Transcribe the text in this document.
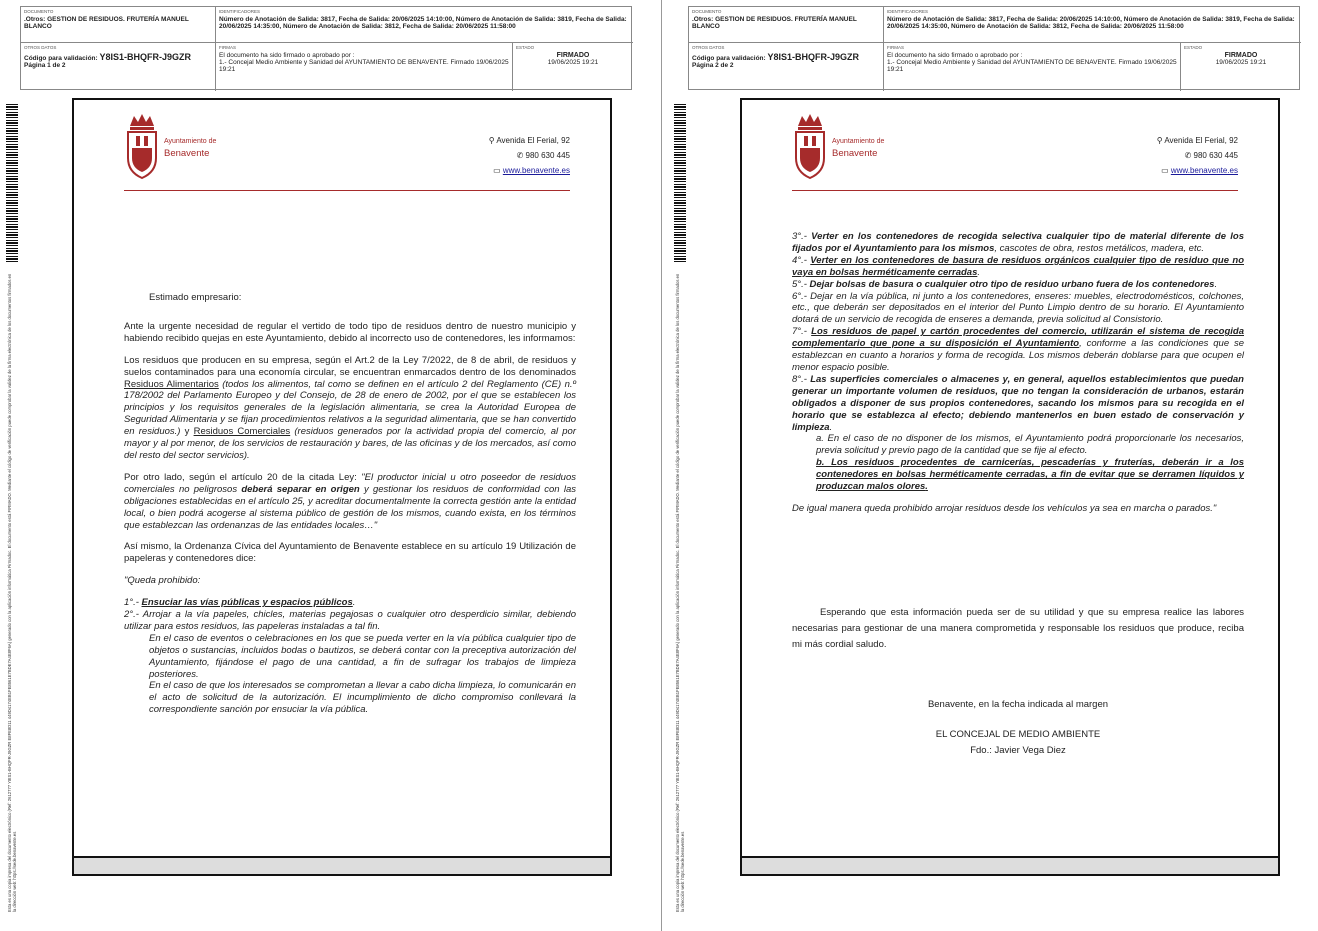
DOCUMENTO
.Otros: GESTION DE RESIDUOS. FRUTERÍA MANUEL BLANCO
IDENTIFICADORES
Número de Anotación de Salida: 3817, Fecha de Salida: 20/06/2025 14:10:00, Número de Anotación de Salida: 3819, Fecha de Salida: 20/06/2025 14:35:00, Número de Anotación de Salida: 3812, Fecha de Salida: 20/06/2025 11:58:00
OTROS DATOS
Código para validación: Y8IS1-BHQFR-J9GZR
Página 1 de 2
FIRMAS
El documento ha sido firmado o aprobado por :
1.- Concejal Medio Ambiente y Sanidad del AYUNTAMIENTO DE BENAVENTE. Firmado 19/06/2025 19:21
ESTADO
FIRMADO
19/06/2025 19:21
Esta es una copia impresa del documento electrónico (Ref: 2612777 Y8IS1-BHQFR-J9GZR E8FE8D11 449D4174EB1FE8561E7BDE7A4E8F6A) generado con la aplicación informática Firmadoc. El documento está FIRMADO. Mediante el código de verificación puede comprobar la validez de la firma electrónica de los documentos firmados en la dirección web: https://sede.benavente.es
Ayuntamiento de
Benavente
⚲ Avenida El Ferial, 92
✆ 980 630 445
▭ www.benavente.es

Estimado empresario:

Ante la urgente necesidad de regular el vertido de todo tipo de residuos dentro de nuestro municipio y habiendo recibido quejas en este Ayuntamiento, debido al incorrecto uso de contenedores, les informamos:

Los residuos que producen en su empresa, según el Art.2 de la Ley 7/2022, de 8 de abril, de residuos y suelos contaminados para una economía circular, se encuentran enmarcados dentro de los denominados Residuos Alimentarios (todos los alimentos, tal como se definen en el artículo 2 del Reglamento (CE) n.º 178/2002 del Parlamento Europeo y del Consejo, de 28 de enero de 2002, por el que se establecen los principios y los requisitos generales de la legislación alimentaria, se crea la Autoridad Europea de Seguridad Alimentaria y se fijan procedimientos relativos a la seguridad alimentaria, que se han convertido en residuos.) y Residuos Comerciales (residuos generados por la actividad propia del comercio, al por mayor y al por menor, de los servicios de restauración y bares, de las oficinas y de los mercados, así como del resto del sector servicios).

Por otro lado, según el artículo 20 de la citada Ley: "El productor inicial u otro poseedor de residuos comerciales no peligrosos deberá separar en origen y gestionar los residuos de conformidad con las obligaciones establecidas en el artículo 25, y acreditar documentalmente la correcta gestión ante la entidad local, o bien podrá acogerse al sistema público de gestión de los mismos, cuando exista, en los términos que establezcan las ordenanzas de las entidades locales…"

Así mismo, la Ordenanza Cívica del Ayuntamiento de Benavente establece en su artículo 19 Utilización de papeleras y contenedores dice:

"Queda prohibido:

1°.- Ensuciar las vías públicas y espacios públicos.
2°.- Arrojar a la vía papeles, chicles, materias pegajosas o cualquier otro desperdicio similar, debiendo utilizar para estos residuos, las papeleras instaladas a tal fin.
En el caso de eventos o celebraciones en los que se pueda verter en la vía pública cualquier tipo de objetos o sustancias, incluidos bodas o bautizos, se deberá contar con la preceptiva autorización del Ayuntamiento, fijándose el pago de una cantidad, a fin de sufragar los trabajos de limpieza posteriores.
En el caso de que los interesados se comprometan a llevar a cabo dicha limpieza, lo comunicarán en el acto de solicitud de la autorización. El incumplimiento de dicho compromiso conllevará la correspondiente sanción por ensuciar la vía pública.
DOCUMENTO
.Otros: GESTION DE RESIDUOS. FRUTERÍA MANUEL BLANCO
IDENTIFICADORES
Número de Anotación de Salida: 3817, Fecha de Salida: 20/06/2025 14:10:00, Número de Anotación de Salida: 3819, Fecha de Salida: 20/06/2025 14:35:00, Número de Anotación de Salida: 3812, Fecha de Salida: 20/06/2025 11:58:00
OTROS DATOS
Código para validación: Y8IS1-BHQFR-J9GZR
Página 2 de 2
FIRMAS
El documento ha sido firmado o aprobado por :
1.- Concejal Medio Ambiente y Sanidad del AYUNTAMIENTO DE BENAVENTE. Firmado 19/06/2025 19:21
ESTADO
FIRMADO
19/06/2025 19:21
Esta es una copia impresa del documento electrónico (Ref: 2612777 Y8IS1-BHQFR-J9GZR E8FE8D11 449D4174EB1FE8561E7BDE7A4E8F6A) generado con la aplicación informática Firmadoc. El documento está FIRMADO. Mediante el código de verificación puede comprobar la validez de la firma electrónica de los documentos firmados en la dirección web: https://sede.benavente.es
Ayuntamiento de
Benavente
⚲ Avenida El Ferial, 92
✆ 980 630 445
▭ www.benavente.es
3°.- Verter en los contenedores de recogida selectiva cualquier tipo de material diferente de los fijados por el Ayuntamiento para los mismos, cascotes de obra, restos metálicos, madera, etc.
4°.- Verter en los contenedores de basura de residuos orgánicos cualquier tipo de residuo que no vaya en bolsas herméticamente cerradas.
5°.- Dejar bolsas de basura o cualquier otro tipo de residuo urbano fuera de los contenedores.
6°.- Dejar en la vía pública, ni junto a los contenedores, enseres: muebles, electrodomésticos, colchones, etc., que deberán ser depositados en el interior del Punto Limpio dentro de su horario. El Ayuntamiento dotará de un servicio de recogida de enseres a demanda, previa solicitud al Consistorio.
7°.- Los residuos de papel y cartón procedentes del comercio, utilizarán el sistema de recogida complementario que pone a su disposición el Ayuntamiento, conforme a las condiciones que se establezcan en cuanto a horarios y forma de recogida. Los mismos deberán doblarse para que ocupen el menor espacio posible.
8°.- Las superficies comerciales o almacenes y, en general, aquellos establecimientos que puedan generar un importante volumen de residuos, que no tengan la consideración de urbanos, estarán obligados a disponer de sus propios contenedores, sacando los mismos para su recogida en el horario que se establezca al efecto; debiendo mantenerlos en buen estado de conservación y limpieza.
a. En el caso de no disponer de los mismos, el Ayuntamiento podrá proporcionarle los necesarios, previa solicitud y previo pago de la cantidad que se fije al efecto.
b. Los residuos procedentes de carnicerías, pescaderías y fruterías, deberán ir a los contenedores en bolsas herméticamente cerradas, a fin de evitar que se derramen líquidos y produzcan malos olores.

De igual manera queda prohibido arrojar residuos desde los vehículos ya sea en marcha o parados."

Esperando que esta información pueda ser de su utilidad y que su empresa realice las labores necesarias para gestionar de una manera comprometida y responsable los residuos que produce, reciba mi más cordial saludo.

Benavente, en la fecha indicada al margen

EL CONCEJAL DE MEDIO AMBIENTE
Fdo.: Javier Vega Diez
